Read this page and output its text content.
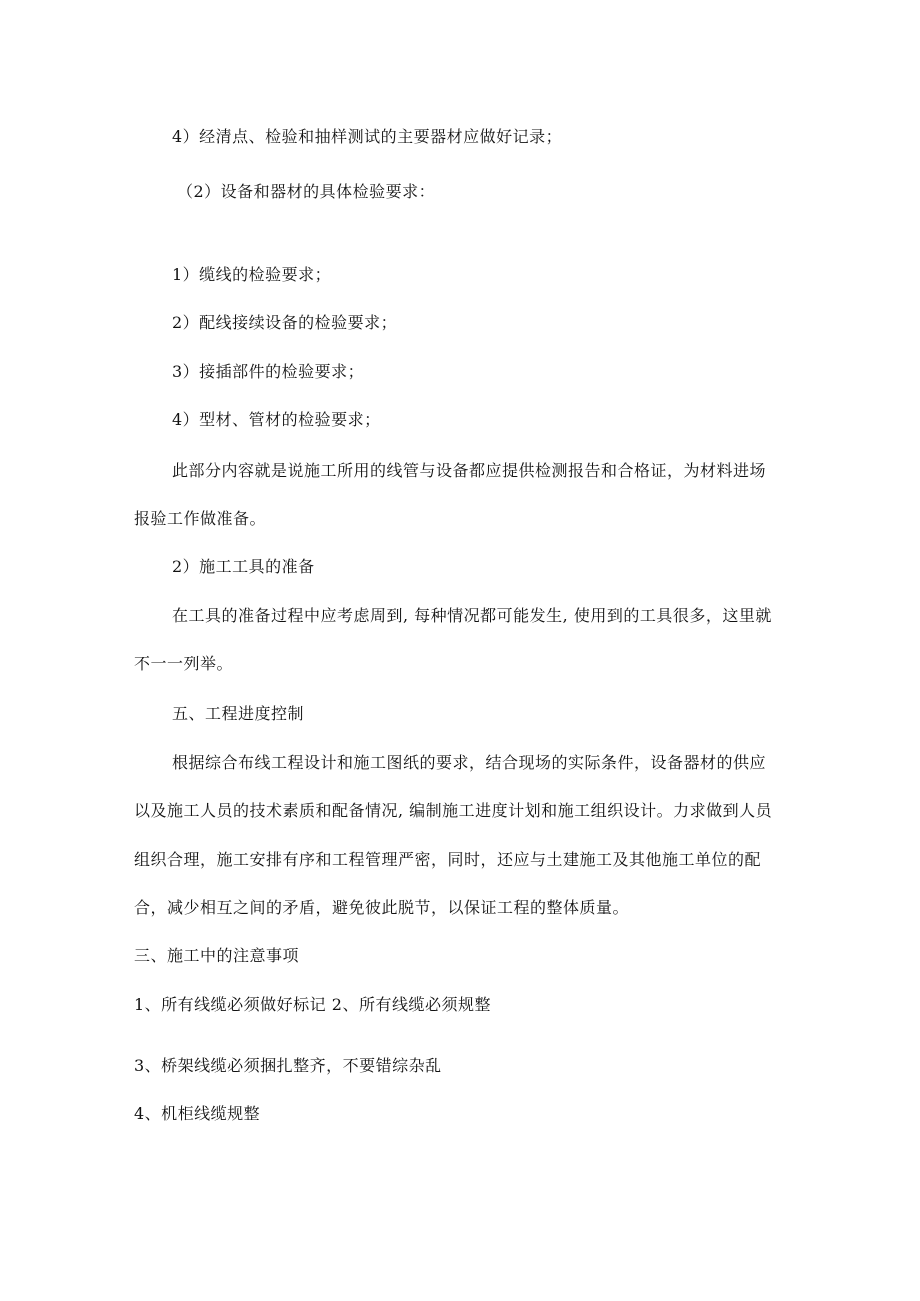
4）经清点、检验和抽样测试的主要器材应做好记录；
（2）设备和器材的具体检验要求：
1）缆线的检验要求；
2）配线接续设备的检验要求；
3）接插部件的检验要求；
4）型材、管材的检验要求；
此部分内容就是说施工所用的线管与设备都应提供检测报告和合格证，为材料进场
报验工作做准备。
2）施工工具的准备
在工具的准备过程中应考虑周到, 每种情况都可能发生, 使用到的工具很多，这里就
不一一列举。
五、工程进度控制
根据综合布线工程设计和施工图纸的要求，结合现场的实际条件，设备器材的供应
以及施工人员的技术素质和配备情况, 编制施工进度计划和施工组织设计。力求做到人员
组织合理，施工安排有序和工程管理严密，同时，还应与土建施工及其他施工单位的配
合，减少相互之间的矛盾，避免彼此脱节，以保证工程的整体质量。
三、施工中的注意事项
1、所有线缆必须做好标记 2、所有线缆必须规整
3、桥架线缆必须捆扎整齐，不要错综杂乱
4、机柜线缆规整
